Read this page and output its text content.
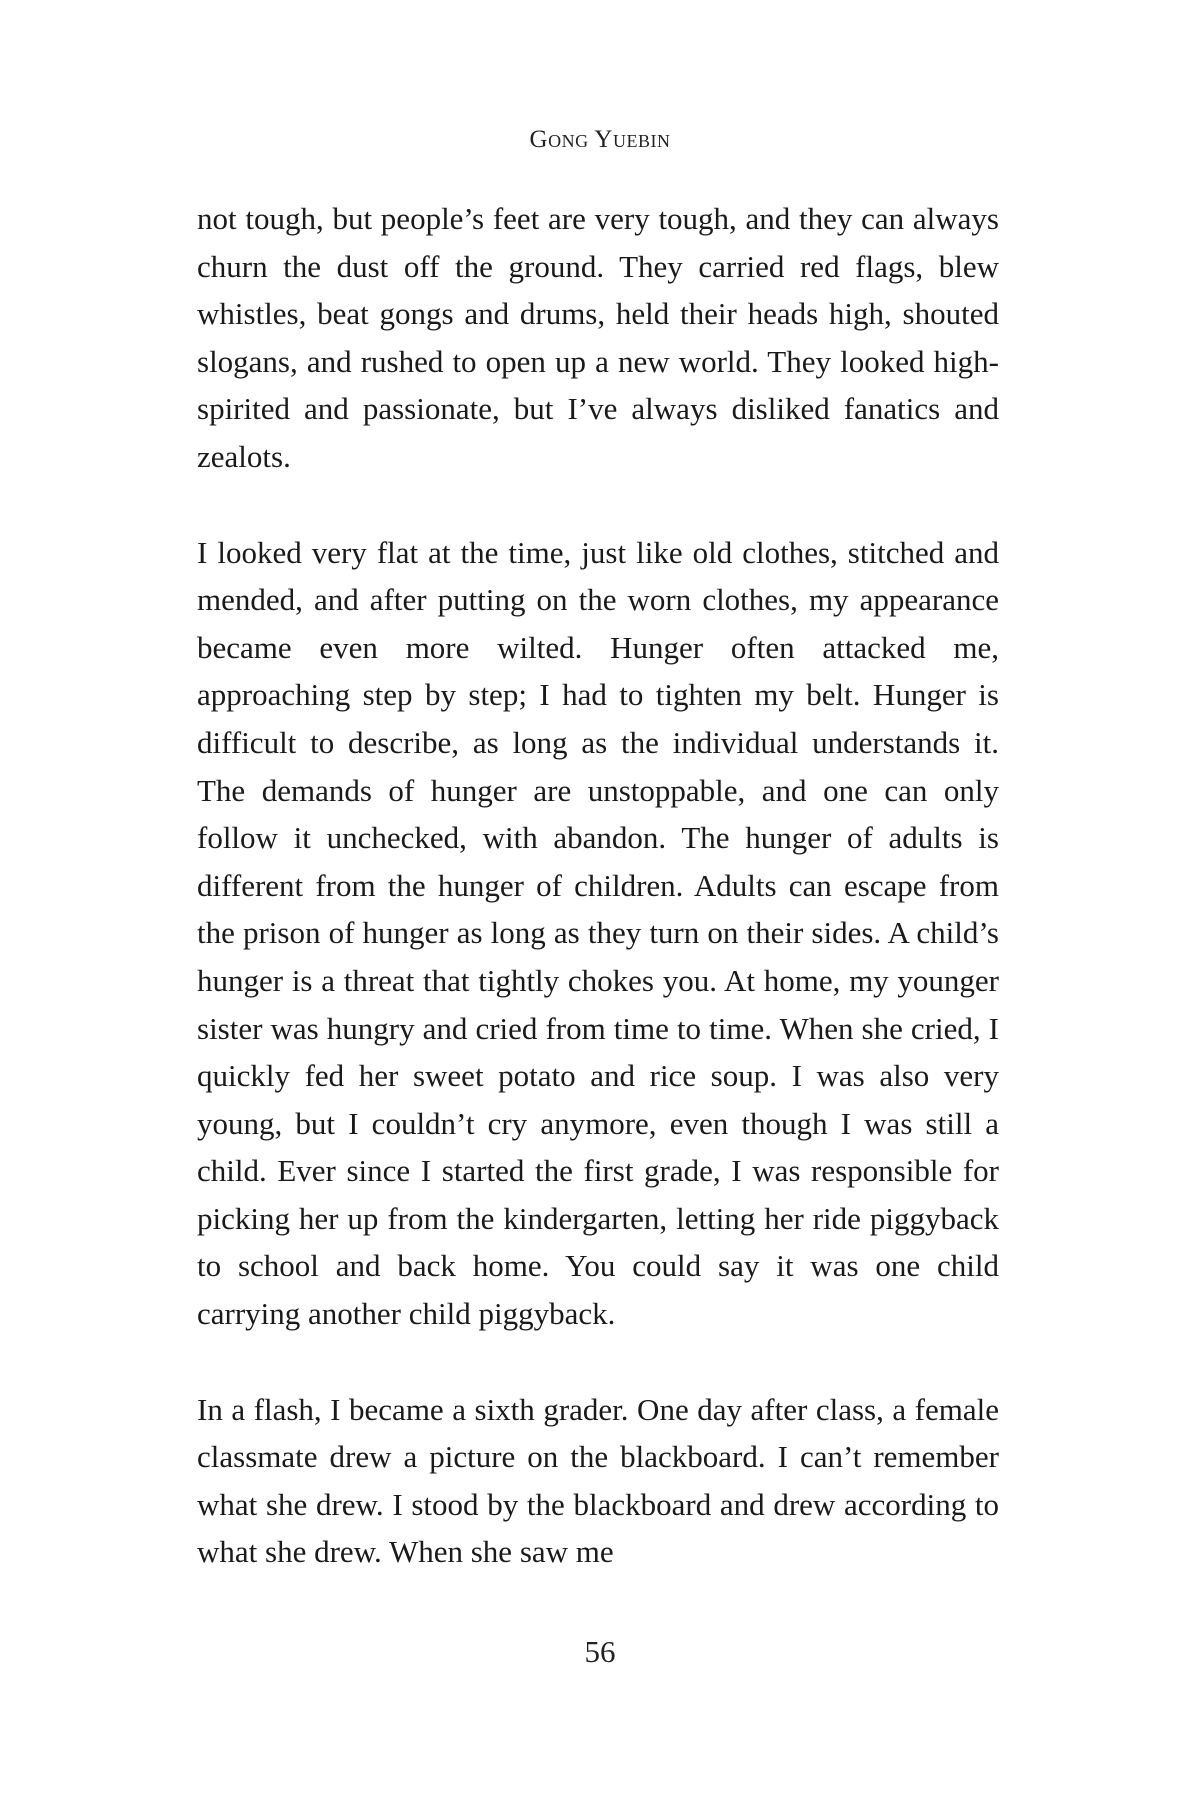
Gong Yuebin

not tough, but people’s feet are very tough, and they can always churn the dust off the ground. They carried red flags, blew whistles, beat gongs and drums, held their heads high, shouted slogans, and rushed to open up a new world. They looked high-spirited and passionate, but I’ve always disliked fanatics and zealots.

I looked very flat at the time, just like old clothes, stitched and mended, and after putting on the worn clothes, my appearance became even more wilted. Hunger often attacked me, approaching step by step; I had to tighten my belt. Hunger is difficult to describe, as long as the individual understands it. The demands of hunger are unstoppable, and one can only follow it unchecked, with abandon. The hunger of adults is different from the hunger of children. Adults can escape from the prison of hunger as long as they turn on their sides. A child’s hunger is a threat that tightly chokes you. At home, my younger sister was hungry and cried from time to time. When she cried, I quickly fed her sweet potato and rice soup. I was also very young, but I couldn’t cry anymore, even though I was still a child. Ever since I started the first grade, I was responsible for picking her up from the kindergarten, letting her ride piggyback to school and back home. You could say it was one child carrying another child piggyback.

In a flash, I became a sixth grader. One day after class, a female classmate drew a picture on the blackboard. I can’t remember what she drew. I stood by the blackboard and drew according to what she drew. When she saw me

56
